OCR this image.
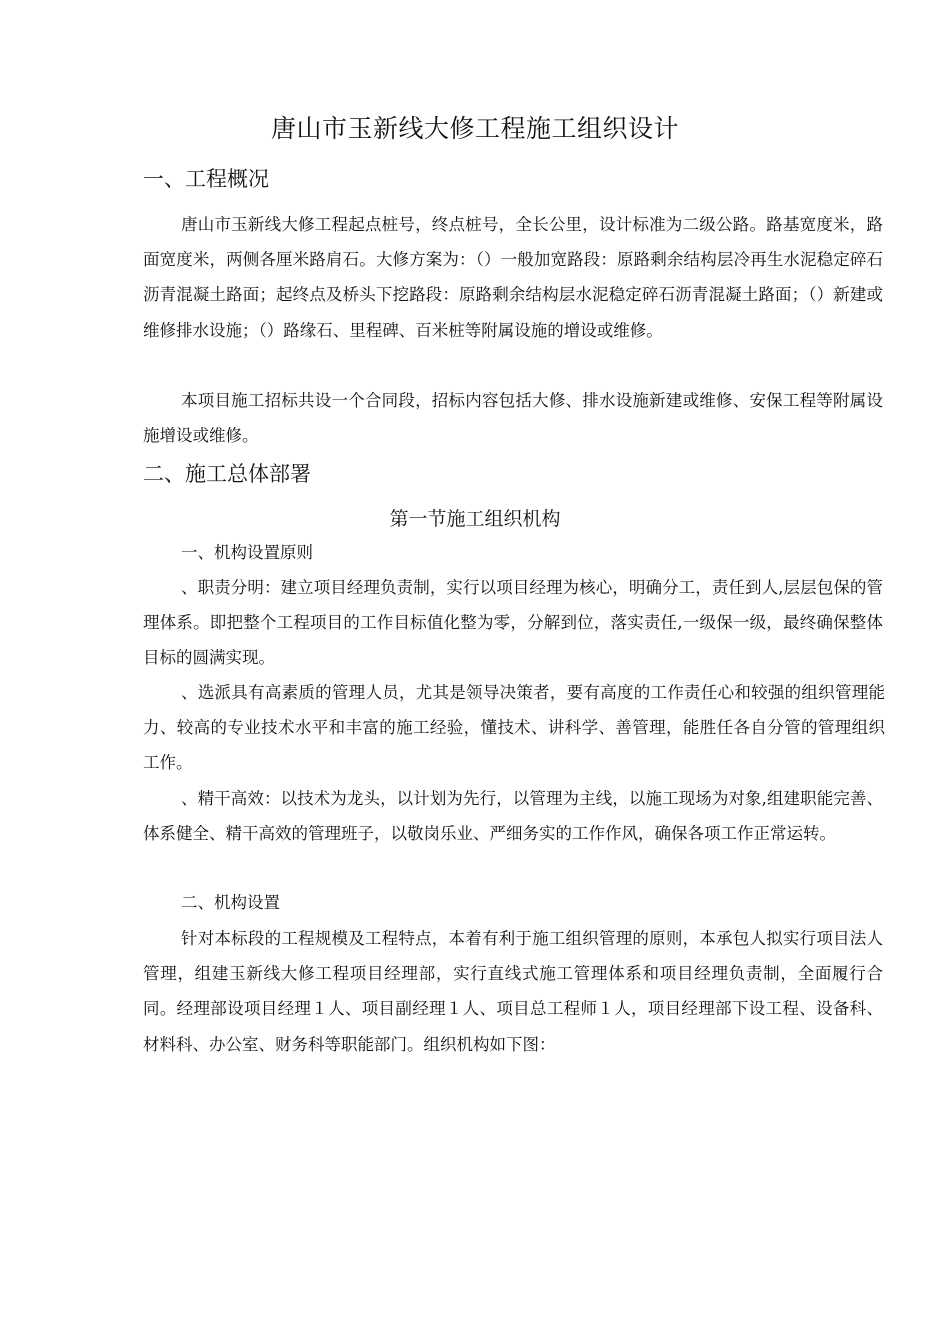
唐山市玉新线大修工程施工组织设计
一、工程概况

唐山市玉新线大修工程起点桩号，终点桩号，全长公里，设计标准为二级公路。路基宽度米，路面宽度米，两侧各厘米路肩石。大修方案为：（）一般加宽路段：原路剩余结构层冷再生水泥稳定碎石沥青混凝土路面；起终点及桥头下挖路段：原路剩余结构层水泥稳定碎石沥青混凝土路面；（）新建或维修排水设施；（）路缘石、里程碑、百米桩等附属设施的增设或维修。

本项目施工招标共设一个合同段，招标内容包括大修、排水设施新建或维修、安保工程等附属设施增设或维修。

二、施工总体部署
第一节施工组织机构
一、机构设置原则

、职责分明：建立项目经理负责制，实行以项目经理为核心，明确分工，责任到人,层层包保的管理体系。即把整个工程项目的工作目标值化整为零，分解到位，落实责任,一级保一级，最终确保整体目标的圆满实现。

、选派具有高素质的管理人员，尤其是领导决策者，要有高度的工作责任心和较强的组织管理能力、较高的专业技术水平和丰富的施工经验，懂技术、讲科学、善管理，能胜任各自分管的管理组织工作。

、精干高效：以技术为龙头，以计划为先行，以管理为主线，以施工现场为对象,组建职能完善、体系健全、精干高效的管理班子，以敬岗乐业、严细务实的工作作风，确保各项工作正常运转。

二、机构设置

针对本标段的工程规模及工程特点，本着有利于施工组织管理的原则，本承包人拟实行项目法人管理，组建玉新线大修工程项目经理部，实行直线式施工管理体系和项目经理负责制，全面履行合同。经理部设项目经理１人、项目副经理１人、项目总工程师１人，项目经理部下设工程、设备科、材料科、办公室、财务科等职能部门。组织机构如下图：
